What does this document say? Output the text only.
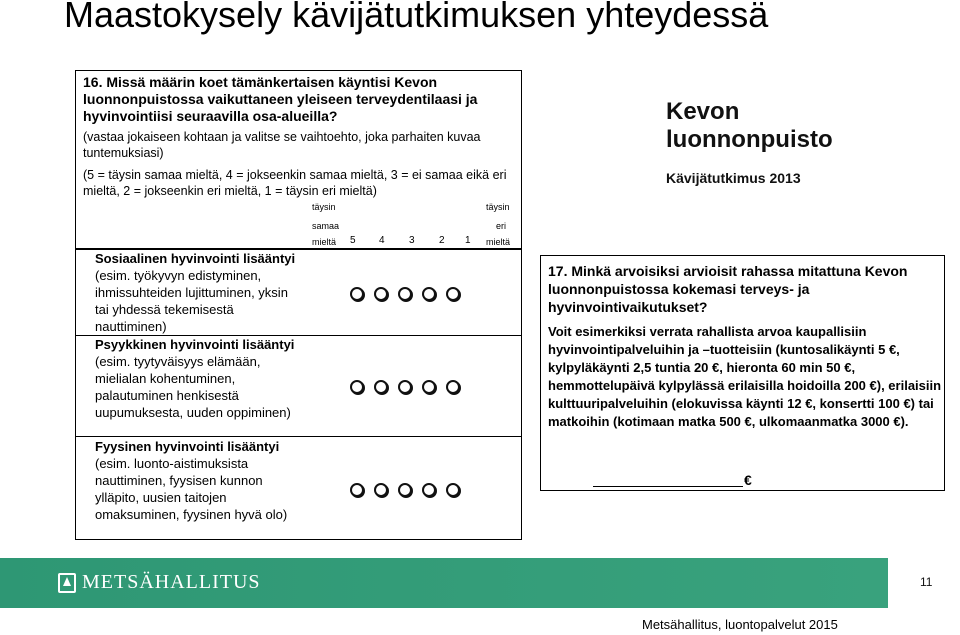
Maastokysely kävijätutkimuksen yhteydessä
16. Missä määrin koet tämänkertaisen käyntisi Kevon luonnonpuistossa vaikuttaneen yleiseen terveydentilaasi ja hyvinvointiisi seuraavilla osa-alueilla?
(vastaa jokaiseen kohtaan ja valitse se vaihtoehto, joka parhaiten kuvaa tuntemuksiasi)
(5 = täysin samaa mieltä, 4 = jokseenkin samaa mieltä, 3 = ei samaa eikä eri mieltä, 2 = jokseenkin eri mieltä, 1 = täysin eri mieltä)
täysin
samaa
mieltä
täysin
eri
mieltä
5 4 3 2 1
Sosiaalinen hyvinvointi lisääntyi (esim. työkyvyn edistyminen, ihmissuhteiden lujittuminen, yksin tai yhdessä tekemisestä nauttiminen)
Psyykkinen hyvinvointi lisääntyi (esim. tyytyväisyys elämään, mielialan kohentuminen, palautuminen henkisestä uupumuksesta, uuden oppiminen)
Fyysinen hyvinvointi lisääntyi (esim. luonto-aistimuksista nauttiminen, fyysisen kunnon ylläpito, uusien taitojen omaksuminen, fyysinen hyvä olo)
Kevon
luonnonpuisto
Kävijätutkimus 2013
17. Minkä arvoisiksi arvioisit rahassa mitattuna Kevon luonnonpuistossa kokemasi terveys- ja hyvinvointivaikutukset?
Voit esimerkiksi verrata rahallista arvoa kaupallisiin hyvinvointipalveluihin ja –tuotteisiin (kuntosalikäynti 5 €, kylpyläkäynti 2,5 tuntia 20 €, hieronta 60 min 50 €, hemmottelupäivä kylpylässä erilaisilla hoidoilla 200 €), erilaisiin kulttuuripalveluihin (elokuvissa käynti 12 €, konsertti 100 €) tai matkoihin (kotimaan matka 500 €, ulkomaanmatka 3000 €).
€
METSÄHALLITUS	11
Metsähallitus, luontopalvelut 2015
